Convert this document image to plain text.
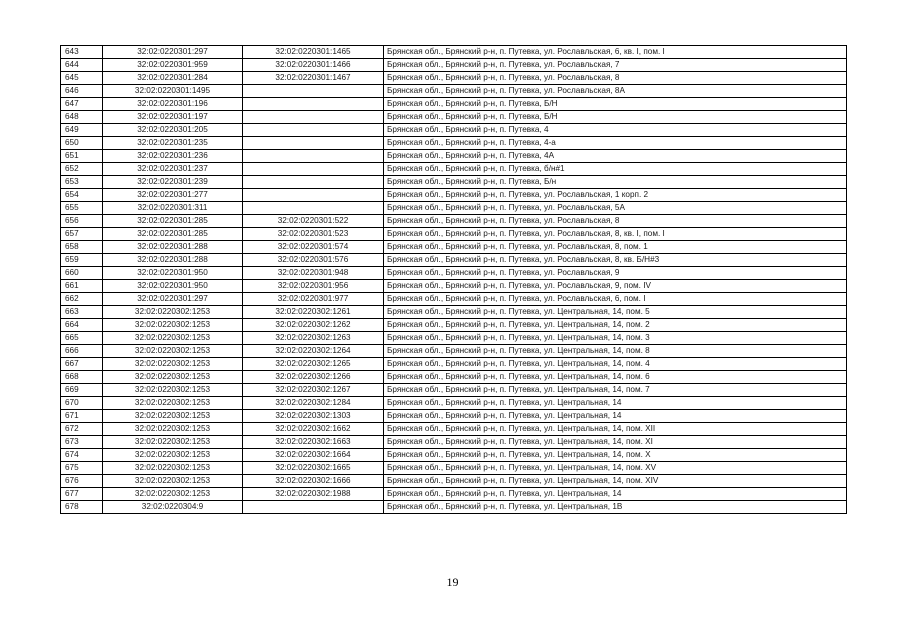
643	32:02:0220301:297	32:02:0220301:1465	Брянская обл., Брянский р-н, п. Путевка, ул. Рославльская, 6, кв. I, пом. I
644	32:02:0220301:959	32:02:0220301:1466	Брянская обл., Брянский р-н, п. Путевка, ул. Рославльская, 7
645	32:02:0220301:284	32:02:0220301:1467	Брянская обл., Брянский р-н, п. Путевка, ул. Рославльская, 8
646	32:02:0220301:1495		Брянская обл., Брянский р-н, п. Путевка, ул. Рославльская, 8А
647	32:02:0220301:196		Брянская обл., Брянский р-н, п. Путевка, Б/Н
648	32:02:0220301:197		Брянская обл., Брянский р-н, п. Путевка, Б/Н
649	32:02:0220301:205		Брянская обл., Брянский р-н, п. Путевка, 4
650	32:02:0220301:235		Брянская обл., Брянский р-н, п. Путевка, 4-а
651	32:02:0220301:236		Брянская обл., Брянский р-н, п. Путевка, 4А
652	32:02:0220301:237		Брянская обл., Брянский р-н, п. Путевка, б/н#1
653	32:02:0220301:239		Брянская обл., Брянский р-н, п. Путевка, Б/н
654	32:02:0220301:277		Брянская обл., Брянский р-н, п. Путевка, ул. Рославльская, 1 корп. 2
655	32:02:0220301:311		Брянская обл., Брянский р-н, п. Путевка, ул. Рославльская, 5А
656	32:02:0220301:285	32:02:0220301:522	Брянская обл., Брянский р-н, п. Путевка, ул. Рославльская, 8
657	32:02:0220301:285	32:02:0220301:523	Брянская обл., Брянский р-н, п. Путевка, ул. Рославльская, 8, кв. I, пом. I
658	32:02:0220301:288	32:02:0220301:574	Брянская обл., Брянский р-н, п. Путевка, ул. Рославльская, 8, пом. 1
659	32:02:0220301:288	32:02:0220301:576	Брянская обл., Брянский р-н, п. Путевка, ул. Рославльская, 8, кв. Б/Н#3
660	32:02:0220301:950	32:02:0220301:948	Брянская обл., Брянский р-н, п. Путевка, ул. Рославльская, 9
661	32:02:0220301:950	32:02:0220301:956	Брянская обл., Брянский р-н, п. Путевка, ул. Рославльская, 9, пом. IV
662	32:02:0220301:297	32:02:0220301:977	Брянская обл., Брянский р-н, п. Путевка, ул. Рославльская, 6, пом. I
663	32:02:0220302:1253	32:02:0220302:1261	Брянская обл., Брянский р-н, п. Путевка, ул. Центральная, 14, пом. 5
664	32:02:0220302:1253	32:02:0220302:1262	Брянская обл., Брянский р-н, п. Путевка, ул. Центральная, 14, пом. 2
665	32:02:0220302:1253	32:02:0220302:1263	Брянская обл., Брянский р-н, п. Путевка, ул. Центральная, 14, пом. 3
666	32:02:0220302:1253	32:02:0220302:1264	Брянская обл., Брянский р-н, п. Путевка, ул. Центральная, 14, пом. 8
667	32:02:0220302:1253	32:02:0220302:1265	Брянская обл., Брянский р-н, п. Путевка, ул. Центральная, 14, пом. 4
668	32:02:0220302:1253	32:02:0220302:1266	Брянская обл., Брянский р-н, п. Путевка, ул. Центральная, 14, пом. 6
669	32:02:0220302:1253	32:02:0220302:1267	Брянская обл., Брянский р-н, п. Путевка, ул. Центральная, 14, пом. 7
670	32:02:0220302:1253	32:02:0220302:1284	Брянская обл., Брянский р-н, п. Путевка, ул. Центральная, 14
671	32:02:0220302:1253	32:02:0220302:1303	Брянская обл., Брянский р-н, п. Путевка, ул. Центральная, 14
672	32:02:0220302:1253	32:02:0220302:1662	Брянская обл., Брянский р-н, п. Путевка, ул. Центральная, 14, пом. XII
673	32:02:0220302:1253	32:02:0220302:1663	Брянская обл., Брянский р-н, п. Путевка, ул. Центральная, 14, пом. XI
674	32:02:0220302:1253	32:02:0220302:1664	Брянская обл., Брянский р-н, п. Путевка, ул. Центральная, 14, пом. X
675	32:02:0220302:1253	32:02:0220302:1665	Брянская обл., Брянский р-н, п. Путевка, ул. Центральная, 14, пом. XV
676	32:02:0220302:1253	32:02:0220302:1666	Брянская обл., Брянский р-н, п. Путевка, ул. Центральная, 14, пом. XIV
677	32:02:0220302:1253	32:02:0220302:1988	Брянская обл., Брянский р-н, п. Путевка, ул. Центральная, 14
678	32:02:0220304:9		Брянская обл., Брянский р-н, п. Путевка, ул. Центральная, 1В
19
